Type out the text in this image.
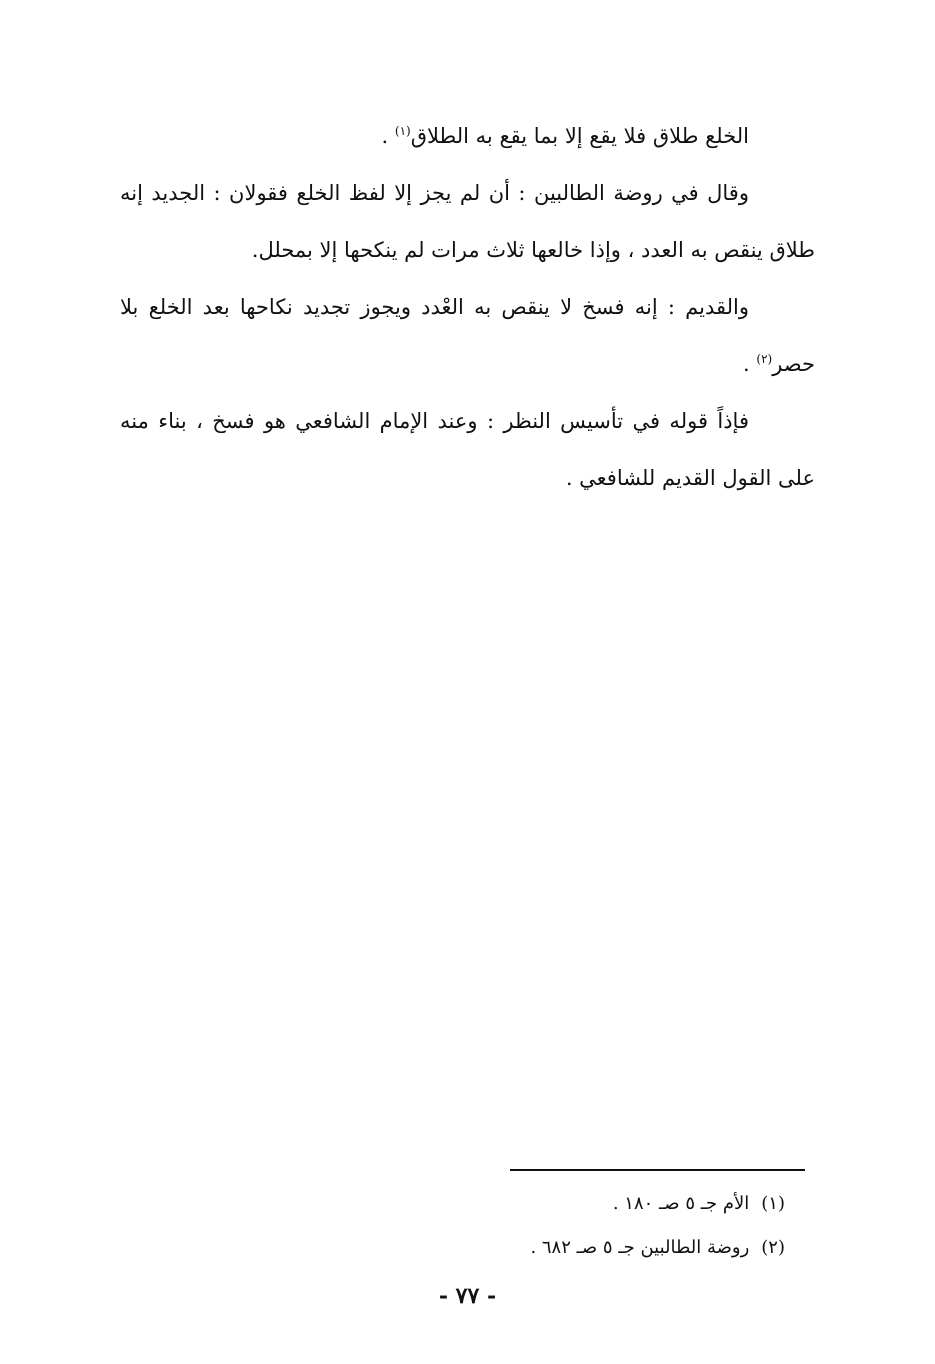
الخلع طلاق فلا يقع إلا بما يقع به الطلاق$^{(١)}$ .

وقال في روضة الطالبين : أن لم يجز إلا لفظ الخلع فقولان : الجديد إنه طلاق ينقص به العدد ، وإذا خالعها ثلاث مرات لم ينكحها إلا بمحلل.

والقديم : إنه فسخ لا ينقص به العْدد ويجوز تجديد نكاحها بعد الخلع بلا حصر$^{(٢)}$ .

فإذاً قوله في تأسيس النظر : وعند الإمام الشافعي هو فسخ ، بناء منه على القول القديم للشافعي .

(١)الأم جـ ٥ صـ ١٨٠ .

(٢)روضة الطالبين جـ ٥ صـ ٦٨٢ .

- ٧٧ -
